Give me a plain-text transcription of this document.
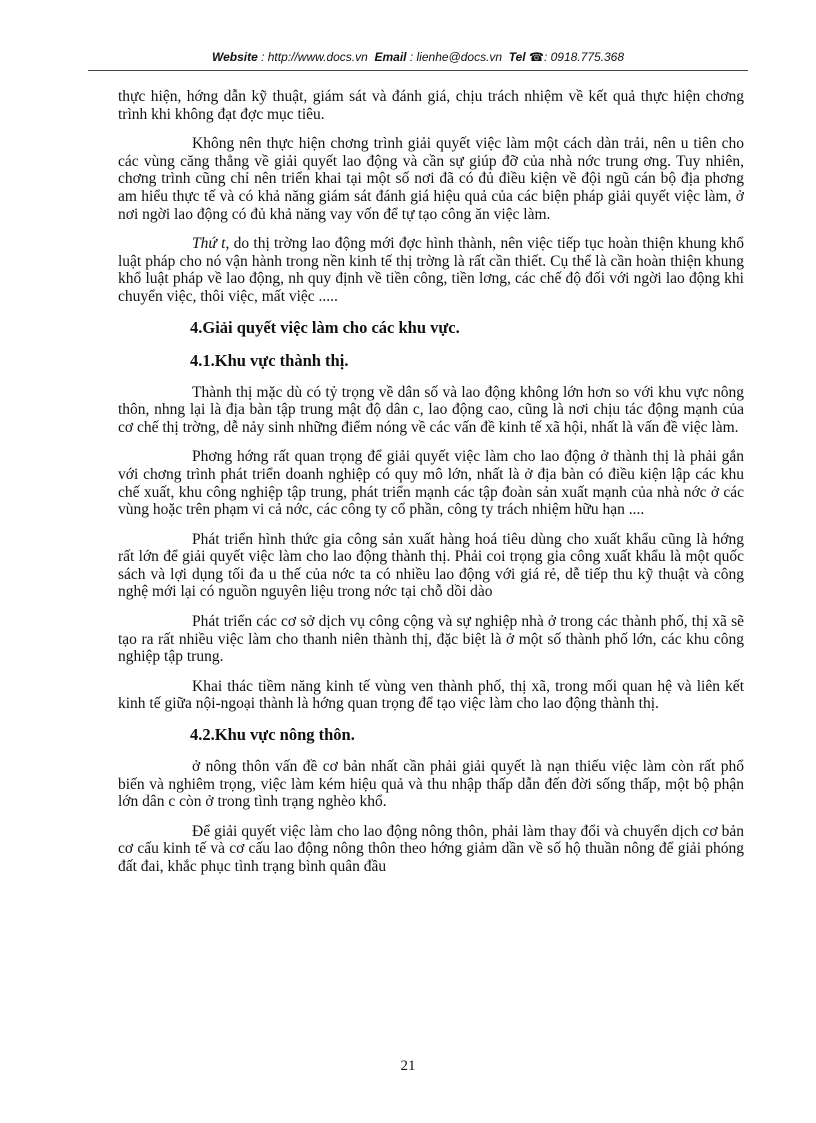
Website : http://www.docs.vn Email : lienhe@docs.vn Tel ☎: 0918.775.368

thực hiện, hớng dẫn kỹ thuật, giám sát và đánh giá, chịu trách nhiệm về kết quả thực hiện chơng trình khi không đạt đợc mục tiêu.

Không nên thực hiện chơng trình giải quyết việc làm một cách dàn trải, nên u tiên cho các vùng căng thẳng về giải quyết lao động và cần sự giúp đỡ của nhà nớc trung ơng. Tuy nhiên, chơng trình cũng chỉ nên triển khai tại một số nơi đã có đủ điều kiện về đội ngũ cán bộ địa phơng am hiểu thực tế và có khả năng giám sát đánh giá hiệu quả của các biện pháp giải quyết việc làm, ở nơi ngời lao động có đủ khả năng vay vốn để tự tạo công ăn việc làm.

Thứ t, do thị trờng lao động mới đợc hình thành, nên việc tiếp tục hoàn thiện khung khổ luật pháp cho nó vận hành trong nền kinh tế thị trờng là rất cần thiết. Cụ thể là cần hoàn thiện khung khổ luật pháp về lao động, nh quy định về tiền công, tiền lơng, các chế độ đối với ngời lao động khi chuyển việc, thôi việc, mất việc .....

4.Giải quyết việc làm cho các khu vực.
4.1.Khu vực thành thị.

Thành thị mặc dù có tỷ trọng về dân số và lao động không lớn hơn so với khu vực nông thôn, nhng lại là địa bàn tập trung mật độ dân c, lao động cao, cũng là nơi chịu tác động mạnh của cơ chế thị trờng, dễ nảy sinh những điểm nóng về các vấn đề kinh tế xã hội, nhất là vấn đề việc làm.

Phơng hớng rất quan trọng để giải quyết việc làm cho lao động ở thành thị là phải gắn với chơng trình phát triển doanh nghiệp có quy mô lớn, nhất là ở địa bàn có điều kiện lập các khu chế xuất, khu công nghiệp tập trung, phát triển mạnh các tập đoàn sản xuất mạnh của nhà nớc ở các vùng hoặc trên phạm vi cả nớc, các công ty cổ phần, công ty trách nhiệm hữu hạn ....

Phát triển hình thức gia công sản xuất hàng hoá tiêu dùng cho xuất khẩu cũng là hớng rất lớn để giải quyết việc làm cho lao động thành thị. Phải coi trọng gia công xuất khẩu là một quốc sách và lợi dụng tối đa u thế của nớc ta có nhiều lao động với giá rẻ, dễ tiếp thu kỹ thuật và công nghệ mới lại có nguồn nguyên liệu trong nớc tại chỗ dồi dào

Phát triển các cơ sở dịch vụ công cộng và sự nghiệp nhà ở trong các thành phố, thị xã sẽ tạo ra rất nhiều việc làm cho thanh niên thành thị, đặc biệt là ở một số thành phố lớn, các khu công nghiệp tập trung.

Khai thác tiềm năng kinh tế vùng ven thành phố, thị xã, trong mối quan hệ và liên kết kinh tế giữa nội-ngoại thành là hớng quan trọng để tạo việc làm cho lao động thành thị.

4.2.Khu vực nông thôn.

ở nông thôn vấn đề cơ bản nhất cần phải giải quyết là nạn thiếu việc làm còn rất phổ biến và nghiêm trọng, việc làm kém hiệu quả và thu nhập thấp dẫn đến đời sống thấp, một bộ phận lớn dân c còn ở trong tình trạng nghèo khổ.

Để giải quyết việc làm cho lao động nông thôn, phải làm thay đổi và chuyển dịch cơ bản cơ cấu kinh tế và cơ cấu lao động nông thôn theo hớng giảm dần về số hộ thuần nông để giải phóng đất đai, khắc phục tình trạng bình quân đầu

21
